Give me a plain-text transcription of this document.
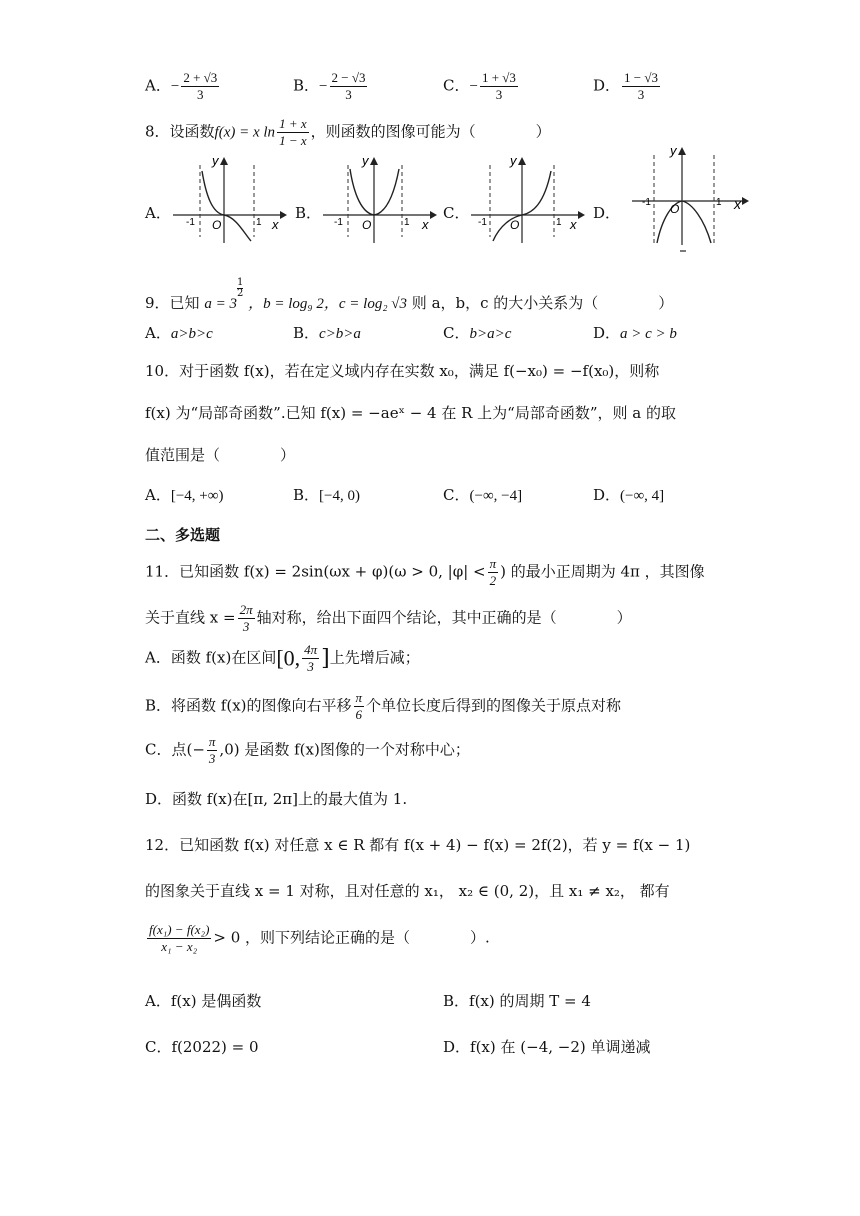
A．− $\frac{2 + √3}{3}$	B．− $\frac{2 - √3}{3}$	C．− $\frac{1 + √3}{3}$	D． $\frac{1 - √3}{3}$
8．设函数f(x) = x $\ln \frac{1 + x}{1 - x}$ ，则函数的图像可能为（　　　　）
A．	B．	C．	D．
y
x
O
-1	1
y
x
O
-1	1
y
x
O
-1	1
y
x
O
-1	1
9．已知 a = 3
$^{\frac{1}{2}}$
，b = log₉ 2，c = log₂ √3 则 a，b，c 的大小关系为（　　　　）
A．a>b>c	B．c>b>a	C．b>a>c	D．a > c > b
10．对于函数 f(x)，若在定义域内存在实数 x₀，满足 f(−x₀) = −f(x₀)，则称
f(x) 为“局部奇函数”.已知 f(x) = −aeˣ − 4 在 R 上为“局部奇函数”，则 a 的取
值范围是（　　　　）
A．[−4, +∞)	B．[−4, 0)	C．(−∞, −4]	D．(−∞, 4]
二、多选题
11．已知函数 f(x) = 2sin(ωx + φ)(ω > 0, $|\varphi| < \frac{\pi}{2}$ ) 的最小正周期为 4π ，其图像
关于直线 $x = \frac{2\pi}{3}$ 轴对称，给出下面四个结论，其中正确的是（　　　　）
A．函数 f(x)在区间[0, $\frac{4\pi}{3}$ ]上先增后减；
B．将函数 f(x)的图像向右平移 $\frac{\pi}{6}$ 个单位长度后得到的图像关于原点对称
C．点(− $\frac{\pi}{3} ,0$) 是函数 f(x)图像的一个对称中心；
D．函数 f(x)在[π, 2π]上的最大值为 1.
12．已知函数 f(x) 对任意 x ∈ R 都有 f(x + 4) − f(x) = 2f(2)，若 y = f(x − 1)
的图象关于直线 x = 1 对称，且对任意的 x₁， x₂ ∈ (0, 2)，且 x₁ ≠ x₂， 都有
$\frac{\text{f(x₁) − f(x₂)}}{\text{x₁ − x₂}} > 0$ ，则下列结论正确的是（　　　　）.
A．f(x) 是偶函数	B．f(x) 的周期 T = 4
C．f(2022) = 0	D．f(x) 在 (−4, −2) 单调递减
